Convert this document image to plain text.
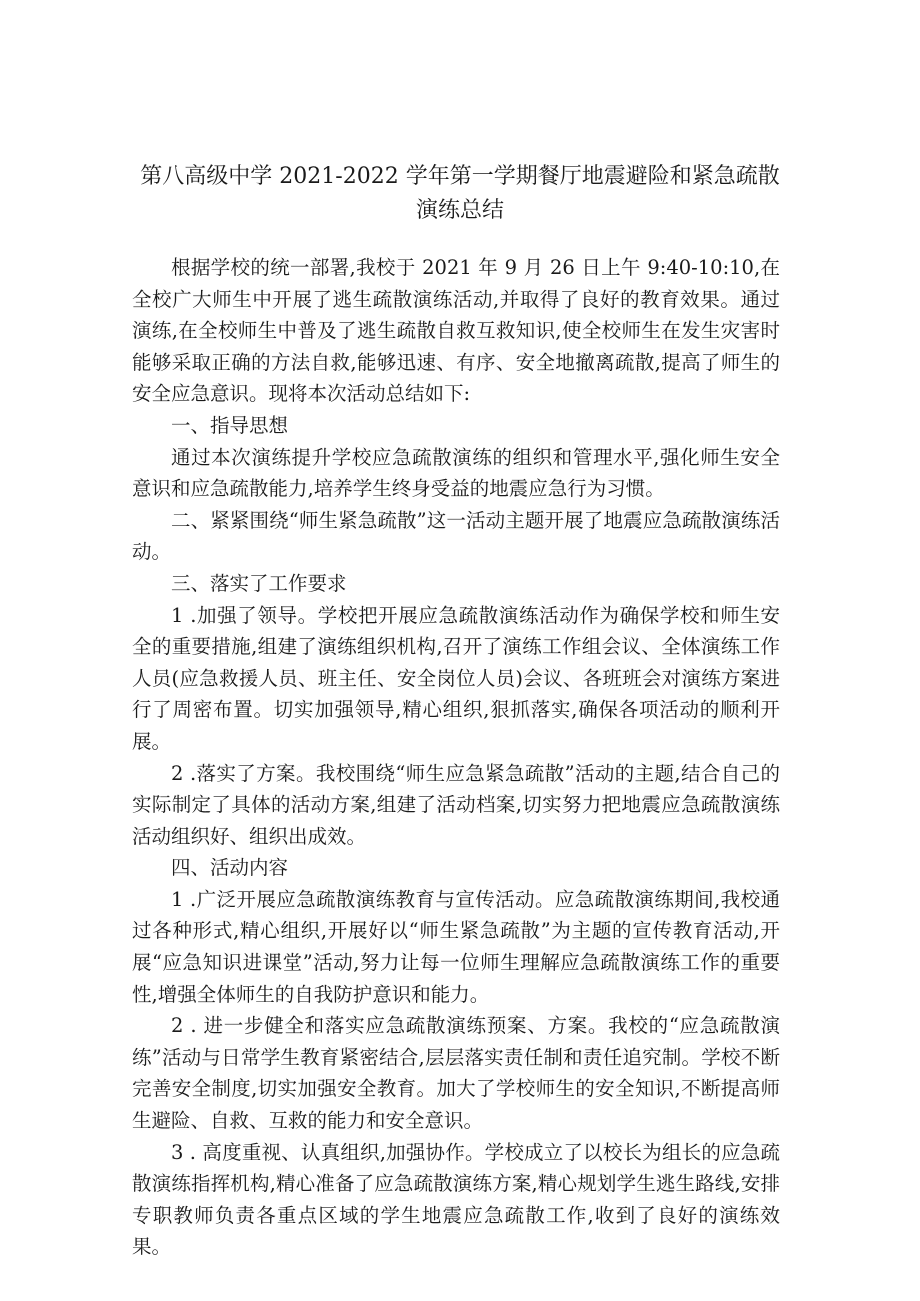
第八高级中学 2021-2022 学年第一学期餐厅地震避险和紧急疏散
演练总结

根据学校的统一部署,我校于 2021 年 9 月 26 日上午 9:40-10:10,在全校广大师生中开展了逃生疏散演练活动,并取得了良好的教育效果。通过演练,在全校师生中普及了逃生疏散自救互救知识,使全校师生在发生灾害时能够采取正确的方法自救,能够迅速、有序、安全地撤离疏散,提高了师生的安全应急意识。现将本次活动总结如下:

一、指导思想

通过本次演练提升学校应急疏散演练的组织和管理水平,强化师生安全意识和应急疏散能力,培养学生终身受益的地震应急行为习惯。

二、紧紧围绕“师生紧急疏散”这一活动主题开展了地震应急疏散演练活动。

三、落实了工作要求

1 .加强了领导。学校把开展应急疏散演练活动作为确保学校和师生安全的重要措施,组建了演练组织机构,召开了演练工作组会议、全体演练工作人员(应急救援人员、班主任、安全岗位人员)会议、各班班会对演练方案进行了周密布置。切实加强领导,精心组织,狠抓落实,确保各项活动的顺利开展。

2 .落实了方案。我校围绕“师生应急紧急疏散”活动的主题,结合自己的实际制定了具体的活动方案,组建了活动档案,切实努力把地震应急疏散演练活动组织好、组织出成效。

四、活动内容

1 .广泛开展应急疏散演练教育与宣传活动。应急疏散演练期间,我校通过各种形式,精心组织,开展好以“师生紧急疏散”为主题的宣传教育活动,开展“应急知识进课堂”活动,努力让每一位师生理解应急疏散演练工作的重要性,增强全体师生的自我防护意识和能力。

2 . 进一步健全和落实应急疏散演练预案、方案。我校的“应急疏散演练”活动与日常学生教育紧密结合,层层落实责任制和责任追究制。学校不断完善安全制度,切实加强安全教育。加大了学校师生的安全知识,不断提高师生避险、自救、互救的能力和安全意识。

3 . 高度重视、认真组织,加强协作。学校成立了以校长为组长的应急疏散演练指挥机构,精心准备了应急疏散演练方案,精心规划学生逃生路线,安排专职教师负责各重点区域的学生地震应急疏散工作,收到了良好的演练效果。
